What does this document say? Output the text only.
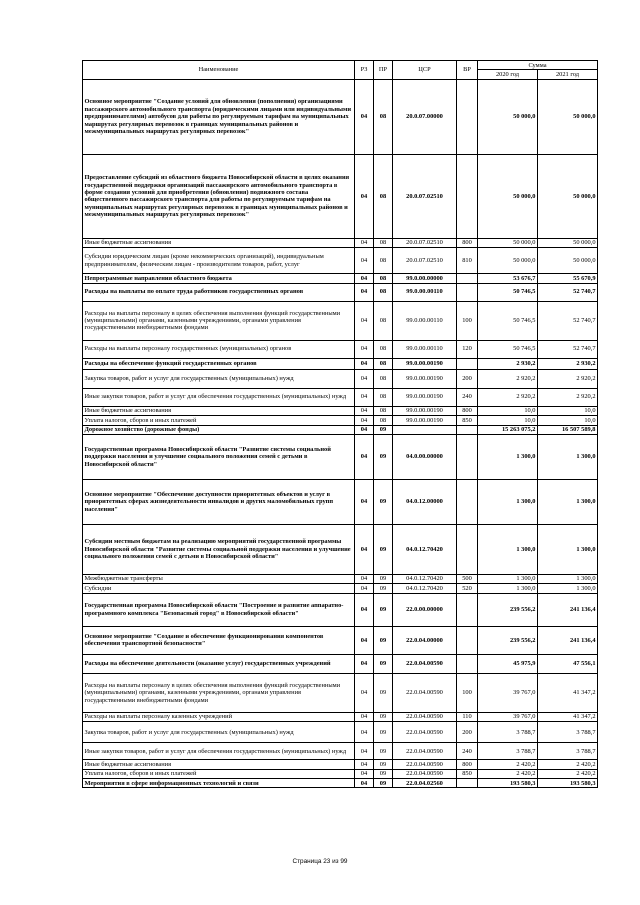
Наименование	РЗ	ПР	ЦСР	ВР	Сумма	
					2020 год	2021 год
Основное мероприятие "Создание условий для обновления (пополнения) организациями пассажирского автомобильного транспорта (юридическими лицами или индивидуальными предпринимателями) автобусов для работы по регулируемым тарифам на муниципальных маршрутах регулярных перевозок в границах муниципальных районов и межмуниципальных маршрутах регулярных перевозок"	04	08	20.0.07.00000		50 000,0	50 000,0
Предоставление субсидий из областного бюджета Новосибирской области в целях оказания государственной поддержки организаций пассажирского автомобильного транспорта в форме создания условий для приобретения (обновления) подвижного состава общественного пассажирского транспорта для работы по регулируемым тарифам на муниципальных маршрутах регулярных перевозок в границах муниципальных районов и межмуниципальных маршрутах регулярных перевозок"	04	08	20.0.07.02510		50 000,0	50 000,0
Иные бюджетные ассигнования	04	08	20.0.07.02510	800	50 000,0	50 000,0
Субсидии юридическим лицам (кроме некоммерческих организаций), индивидуальным предпринимателям, физическим лицам - производителям товаров, работ, услуг	04	08	20.0.07.02510	810	50 000,0	50 000,0
Непрограммные направления областного бюджета	04	08	99.0.00.00000		53 676,7	55 670,9
Расходы на выплаты по оплате труда работников государственных органов	04	08	99.0.00.00110		50 746,5	52 740,7
Расходы на выплаты персоналу в целях обеспечения выполнения функций государственными (муниципальными) органами, казенными учреждениями, органами управления государственными внебюджетными фондами	04	08	99.0.00.00110	100	50 746,5	52 740,7
Расходы на выплаты персоналу государственных (муниципальных) органов	04	08	99.0.00.00110	120	50 746,5	52 740,7
Расходы на обеспечение функций государственных органов	04	08	99.0.00.00190		2 930,2	2 930,2
Закупка товаров, работ и услуг для государственных (муниципальных) нужд	04	08	99.0.00.00190	200	2 920,2	2 920,2
Иные закупки товаров, работ и услуг для обеспечения государственных (муниципальных) нужд	04	08	99.0.00.00190	240	2 920,2	2 920,2
Иные бюджетные ассигнования	04	08	99.0.00.00190	800	10,0	10,0
Уплата налогов, сборов и иных платежей	04	08	99.0.00.00190	850	10,0	10,0
Дорожное хозяйство (дорожные фонды)	04	09			15 263 075,2	16 507 589,8
Государственная программа Новосибирской области "Развитие системы социальной поддержки населения и улучшение социального положения семей с детьми в Новосибирской области"	04	09	04.0.00.00000		1 300,0	1 300,0
Основное мероприятие "Обеспечение доступности приоритетных объектов и услуг в приоритетных сферах жизнедеятельности инвалидов и других маломобильных групп населения"	04	09	04.0.12.00000		1 300,0	1 300,0
Субсидии местным бюджетам на реализацию мероприятий государственной программы Новосибирской области "Развитие системы социальной поддержки населения и улучшение социального положения семей с детьми в Новосибирской области"	04	09	04.0.12.70420		1 300,0	1 300,0
Межбюджетные трансферты	04	09	04.0.12.70420	500	1 300,0	1 300,0
Субсидии	04	09	04.0.12.70420	520	1 300,0	1 300,0
Государственная программа Новосибирской области "Построение и развитие аппаратно-программного комплекса "Безопасный город" в Новосибирской области"	04	09	22.0.00.00000		239 556,2	241 136,4
Основное мероприятие "Создание и обеспечение функционирования компонентов обеспечения транспортной безопасности"	04	09	22.0.04.00000		239 556,2	241 136,4
Расходы на обеспечение деятельности (оказание услуг) государственных учреждений	04	09	22.0.04.00590		45 975,9	47 556,1
Расходы на выплаты персоналу в целях обеспечения выполнения функций государственными (муниципальными) органами, казенными учреждениями, органами управления государственными внебюджетными фондами	04	09	22.0.04.00590	100	39 767,0	41 347,2
Расходы на выплаты персоналу казенных учреждений	04	09	22.0.04.00590	110	39 767,0	41 347,2
Закупка товаров, работ и услуг для государственных (муниципальных) нужд	04	09	22.0.04.00590	200	3 788,7	3 788,7
Иные закупки товаров, работ и услуг для обеспечения государственных (муниципальных) нужд	04	09	22.0.04.00590	240	3 788,7	3 788,7
Иные бюджетные ассигнования	04	09	22.0.04.00590	800	2 420,2	2 420,2
Уплата налогов, сборов и иных платежей	04	09	22.0.04.00590	850	2 420,2	2 420,2
Мероприятия в сфере информационных технологий и связи	04	09	22.0.04.02560		193 580,3	193 580,3
Страница 23 из 99
